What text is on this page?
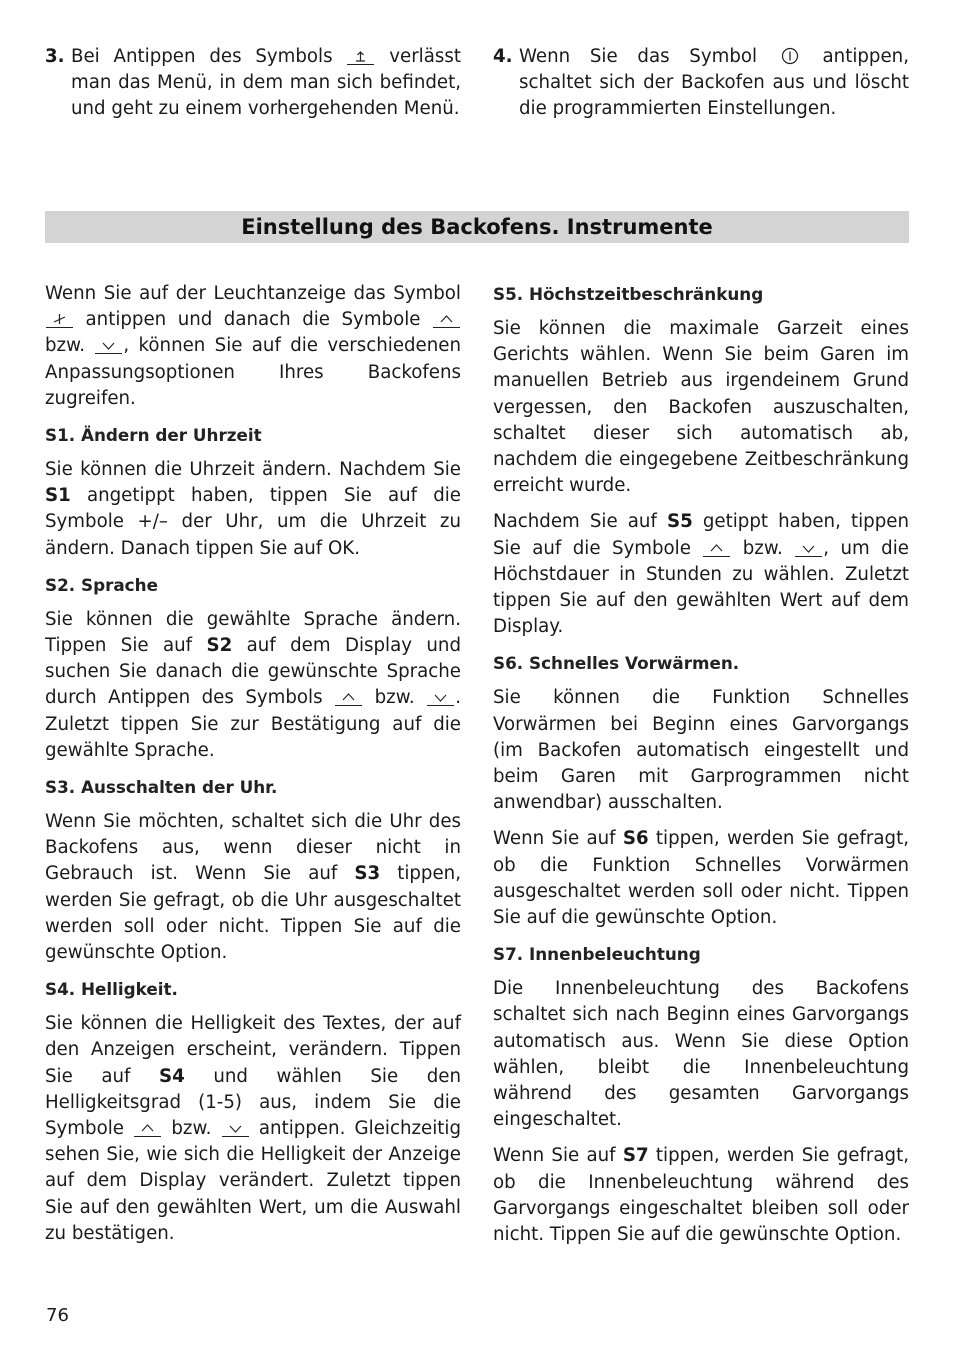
3. Bei Antippen des Symbols	verlässt man das Menü, in dem man sich befindet, und geht zu einem vorhergehenden Menü.
4. Wenn Sie das Symbol	antippen, schaltet sich der Backofen aus und löscht die programmierten Einstellungen.
Einstellung des Backofens. Instrumente

Wenn Sie auf der Leuchtanzeige das Symbol
antippen und danach die Symbole
bzw. , können Sie auf die verschiedenen Anpassungsoptionen Ihres Backofens zugreifen.

S1. Ändern der Uhrzeit

Sie können die Uhrzeit ändern. Nachdem Sie S1 angetippt haben, tippen Sie auf die Symbole +/– der Uhr, um die Uhrzeit zu ändern. Danach tippen Sie auf OK.

S2. Sprache

Sie können die gewählte Sprache ändern. Tippen Sie auf S2 auf dem Display und suchen Sie danach die gewünschte Sprache durch Antippen des Symbols	bzw. . Zuletzt tippen Sie zur Bestätigung auf die gewählte Sprache.

S3. Ausschalten der Uhr.

Wenn Sie möchten, schaltet sich die Uhr des Backofens aus, wenn dieser nicht in Gebrauch ist. Wenn Sie auf S3 tippen, werden Sie gefragt, ob die Uhr ausgeschaltet werden soll oder nicht. Tippen Sie auf die gewünschte Option.

S4. Helligkeit.

Sie können die Helligkeit des Textes, der auf den Anzeigen erscheint, verändern. Tippen Sie auf S4 und wählen Sie den Helligkeitsgrad (1-5) aus, indem Sie die Symbole	bzw.	antippen. Gleichzeitig sehen Sie, wie sich die Helligkeit der Anzeige auf dem Display verändert. Zuletzt tippen Sie auf den gewählten Wert, um die Auswahl zu bestätigen.

S5. Höchstzeitbeschränkung

Sie können die maximale Garzeit eines Gerichts wählen. Wenn Sie beim Garen im manuellen Betrieb aus irgendeinem Grund vergessen, den Backofen auszuschalten, schaltet dieser sich automatisch ab, nachdem die eingegebene Zeitbeschränkung erreicht wurde.

Nachdem Sie auf S5 getippt haben, tippen Sie auf die Symbole	bzw. , um die Höchstdauer in Stunden zu wählen. Zuletzt tippen Sie auf den gewählten Wert auf dem Display.

S6. Schnelles Vorwärmen.

Sie können die Funktion Schnelles Vorwärmen bei Beginn eines Garvorgangs (im Backofen automatisch eingestellt und beim Garen mit Garprogrammen nicht anwendbar) ausschalten.

Wenn Sie auf S6 tippen, werden Sie gefragt, ob die Funktion Schnelles Vorwärmen ausgeschaltet werden soll oder nicht. Tippen Sie auf die gewünschte Option.

S7. Innenbeleuchtung

Die Innenbeleuchtung des Backofens schaltet sich nach Beginn eines Garvorgangs automatisch aus. Wenn Sie diese Option wählen, bleibt die Innenbeleuchtung während des gesamten Garvorgangs eingeschaltet.

Wenn Sie auf S7 tippen, werden Sie gefragt, ob die Innenbeleuchtung während des Garvorgangs eingeschaltet bleiben soll oder nicht. Tippen Sie auf die gewünschte Option.

76
